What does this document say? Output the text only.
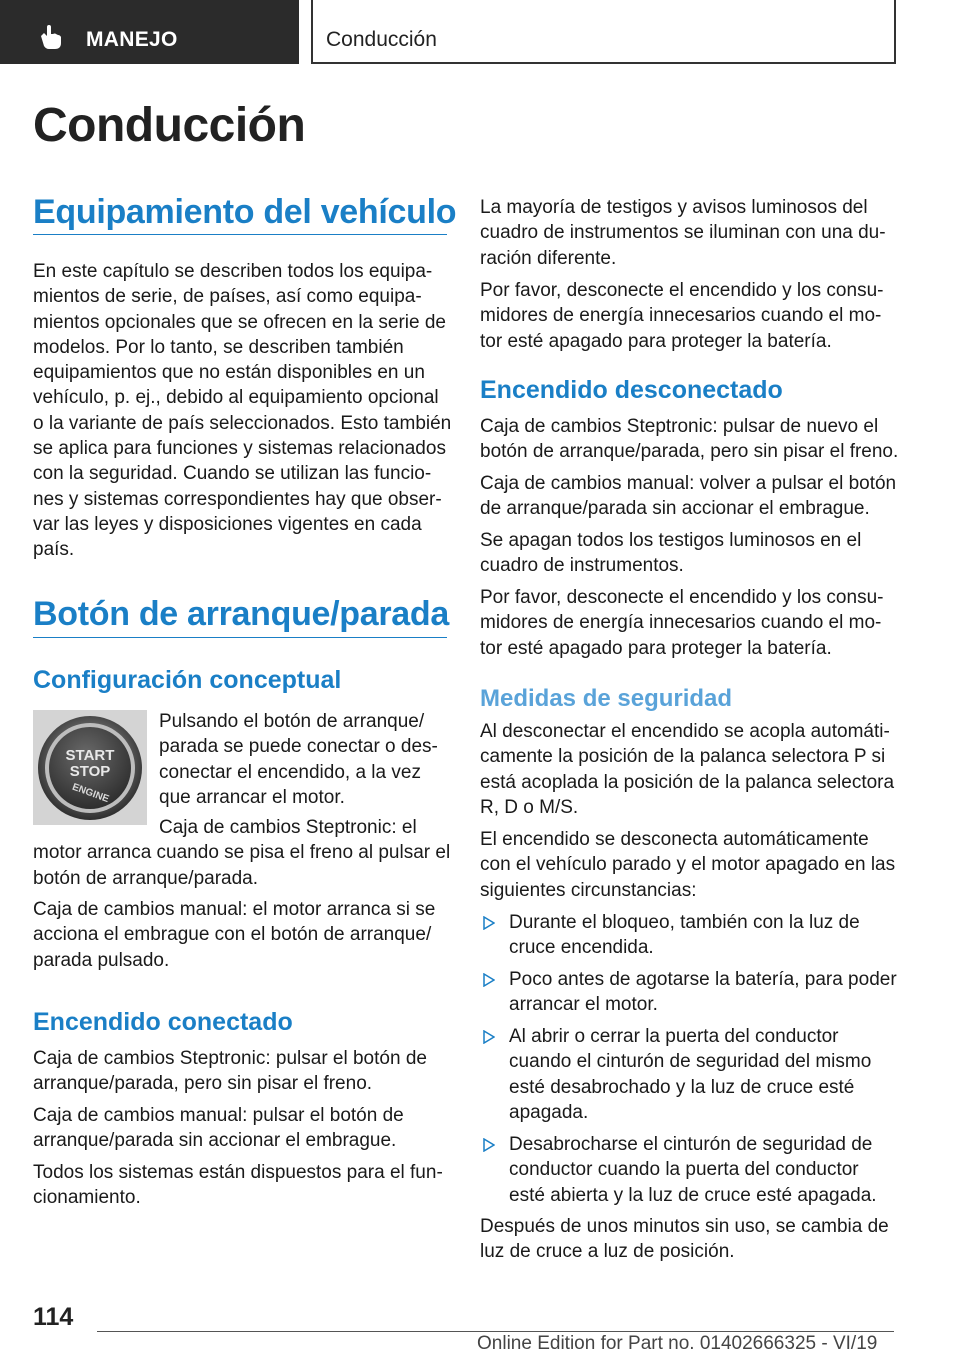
MANEJO	Conducción
Conducción
Equipamiento del vehículo
En este capítulo se describen todos los equipa‐
mientos de serie, de países, así como equipa‐
mientos opcionales que se ofrecen en la serie de
modelos. Por lo tanto, se describen también
equipamientos que no están disponibles en un
vehículo, p. ej., debido al equipamiento opcional
o la variante de país seleccionados. Esto también
se aplica para funciones y sistemas relacionados
con la seguridad. Cuando se utilizan las funcio‐
nes y sistemas correspondientes hay que obser‐
var las leyes y disposiciones vigentes en cada
país.
Botón de arranque/parada
Configuración conceptual
START
STOP
ENGINE
Pulsando el botón de arranque/
parada se puede conectar o des‐
conectar el encendido, a la vez
que arrancar el motor.
Caja de cambios Steptronic: el
motor arranca cuando se pisa el freno al pulsar el
botón de arranque/parada.
Caja de cambios manual: el motor arranca si se
acciona el embrague con el botón de arranque/
parada pulsado.
Encendido conectado
Caja de cambios Steptronic: pulsar el botón de
arranque/parada, pero sin pisar el freno.
Caja de cambios manual: pulsar el botón de
arranque/parada sin accionar el embrague.
Todos los sistemas están dispuestos para el fun‐
cionamiento.
La mayoría de testigos y avisos luminosos del
cuadro de instrumentos se iluminan con una du‐
ración diferente.
Por favor, desconecte el encendido y los consu‐
midores de energía innecesarios cuando el mo‐
tor esté apagado para proteger la batería.
Encendido desconectado
Caja de cambios Steptronic: pulsar de nuevo el
botón de arranque/parada, pero sin pisar el freno.
Caja de cambios manual: volver a pulsar el botón
de arranque/parada sin accionar el embrague.
Se apagan todos los testigos luminosos en el
cuadro de instrumentos.
Por favor, desconecte el encendido y los consu‐
midores de energía innecesarios cuando el mo‐
tor esté apagado para proteger la batería.
Medidas de seguridad
Al desconectar el encendido se acopla automáti‐
camente la posición de la palanca selectora P si
está acoplada la posición de la palanca selectora
R, D o M/S.
El encendido se desconecta automáticamente
con el vehículo parado y el motor apagado en las
siguientes circunstancias:
Durante el bloqueo, también con la luz de
cruce encendida.
Poco antes de agotarse la batería, para poder
arrancar el motor.
Al abrir o cerrar la puerta del conductor
cuando el cinturón de seguridad del mismo
esté desabrochado y la luz de cruce esté
apagada.
Desabrocharse el cinturón de seguridad de
conductor cuando la puerta del conductor
esté abierta y la luz de cruce esté apagada.
Después de unos minutos sin uso, se cambia de
luz de cruce a luz de posición.
114
Online Edition for Part no. 01402666325 - VI/19
